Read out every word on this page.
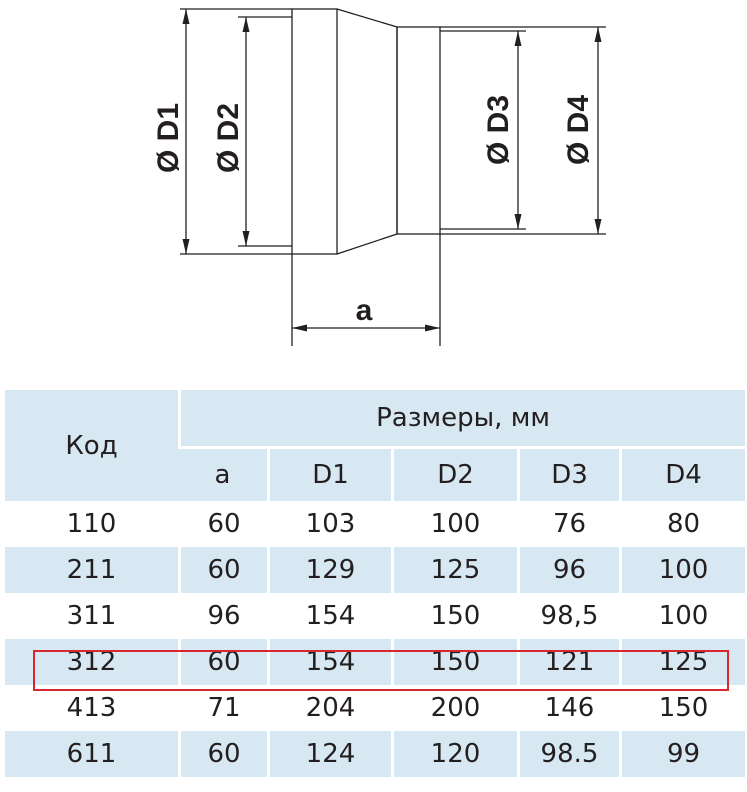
Ø D1 Ø D2	Ø D3 Ø D4
a
Код	Размеры, мм				
	a	D1	D2	D3	D4
110	60	103	100	76	80
211	60	129	125	96	100
311	96	154	150	98,5	100
312	60	154	150	121	125
413	71	204	200	146	150
611	60	124	120	98.5	99
